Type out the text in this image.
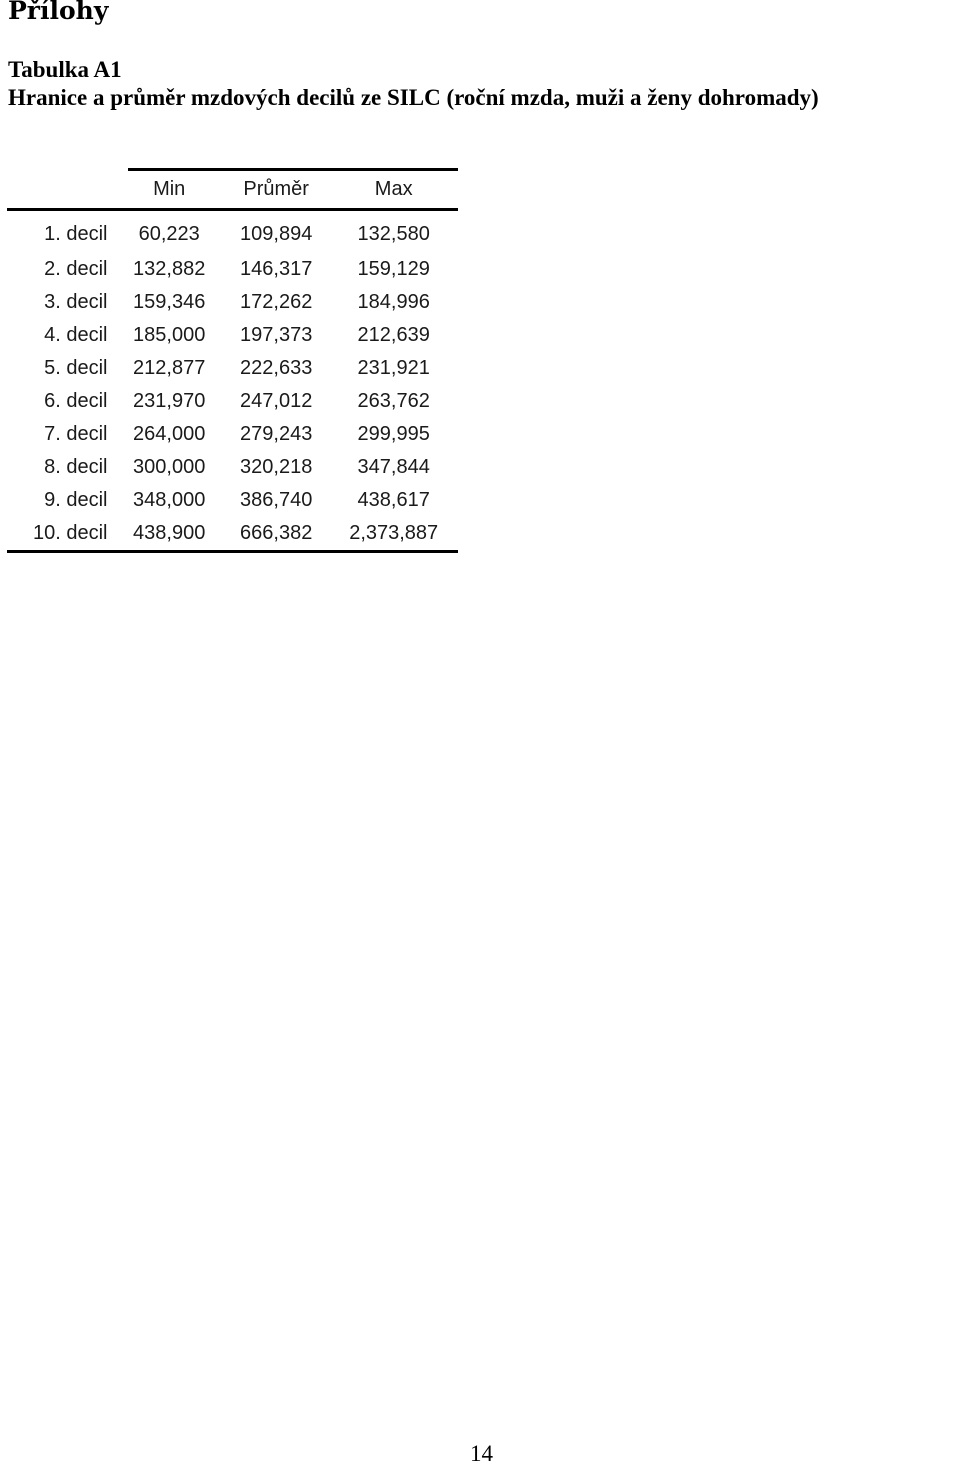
Přílohy
Tabulka A1
Hranice a průměr mzdových decilů ze SILC (roční mzda, muži a ženy dohromady)
	Min	Průměr	Max
1. decil	60,223	109,894	132,580
2. decil	132,882	146,317	159,129
3. decil	159,346	172,262	184,996
4. decil	185,000	197,373	212,639
5. decil	212,877	222,633	231,921
6. decil	231,970	247,012	263,762
7. decil	264,000	279,243	299,995
8. decil	300,000	320,218	347,844
9. decil	348,000	386,740	438,617
10. decil	438,900	666,382	2,373,887
14
